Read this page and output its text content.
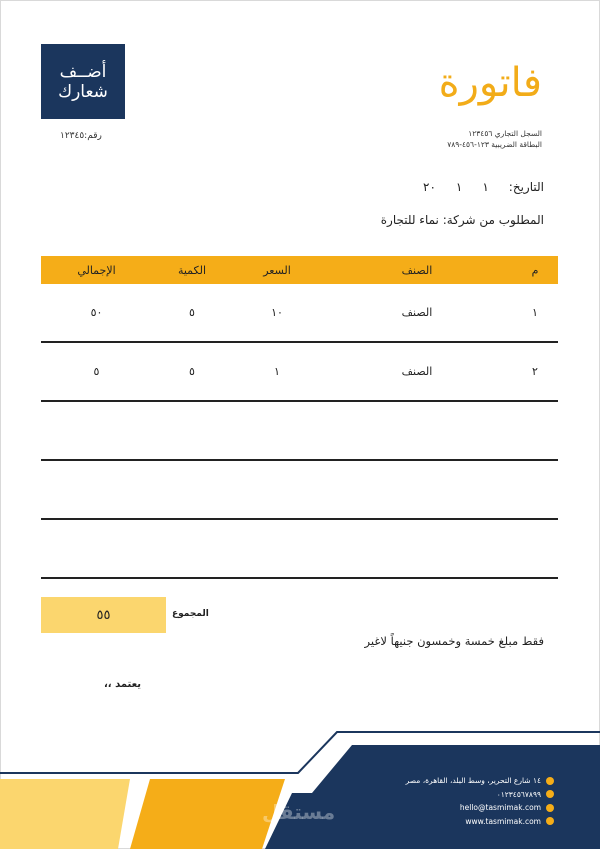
أضــف
شعارك
رقم:١٢٣٤٥
فاتورة
السجل التجاري ١٢٣٤٥٦
البطاقة الضريبية ١٢٣-٤٥٦-٧٨٩
التاريخ:
١
١
٢٠
المطلوب من شركة: نماء للتجارة
م
الصنف
السعر
الكمية
الإجمالي
١
الصنف
١٠
٥
٥٠
٢
الصنف
١
٥
٥
٥٥	المجموع
فقط مبلغ خمسة وخمسون جنيهاً لاغير
يعتمد ،،
مستقل
١٤ شارع التحرير، وسط البلد، القاهرة، مصر
٠١٢٣٤٥٦٧٨٩٩
hello@tasmimak.com
www.tasmimak.com
